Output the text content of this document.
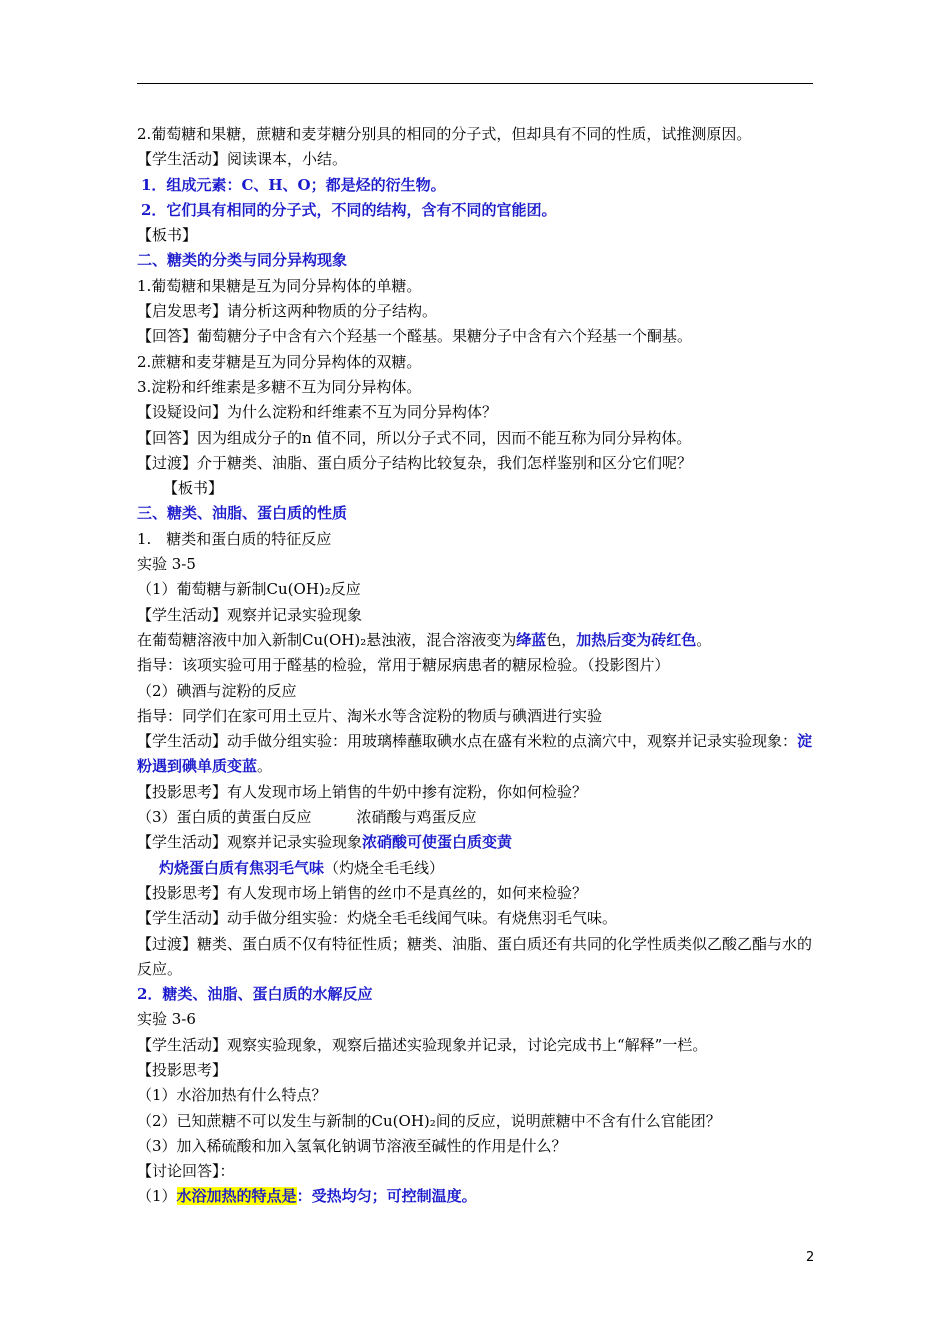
2.葡萄糖和果糖，蔗糖和麦芽糖分别具的相同的分子式，但却具有不同的性质，试推测原因。
【学生活动】阅读课本，小结。
1．组成元素：C、H、O；都是烃的衍生物。
2．它们具有相同的分子式，不同的结构，含有不同的官能团。
【板书】
二、糖类的分类与同分异构现象
1.葡萄糖和果糖是互为同分异构体的单糖。
【启发思考】请分析这两种物质的分子结构。
【回答】葡萄糖分子中含有六个羟基一个醛基。果糖分子中含有六个羟基一个酮基。
2.蔗糖和麦芽糖是互为同分异构体的双糖。
3.淀粉和纤维素是多糖不互为同分异构体。
【设疑设问】为什么淀粉和纤维素不互为同分异构体？
【回答】因为组成分子的n 值不同，所以分子式不同，因而不能互称为同分异构体。
【过渡】介于糖类、油脂、蛋白质分子结构比较复杂，我们怎样鉴别和区分它们呢？
【板书】
三、糖类、油脂、蛋白质的性质
1.　糖类和蛋白质的特征反应
实验 3-5
（1）葡萄糖与新制Cu(OH)₂反应
【学生活动】观察并记录实验现象
在葡萄糖溶液中加入新制Cu(OH)₂悬浊液，混合溶液变为绛蓝色，加热后变为砖红色。
指导：该项实验可用于醛基的检验，常用于糖尿病患者的糖尿检验。（投影图片）
（2）碘酒与淀粉的反应
指导：同学们在家可用土豆片、淘米水等含淀粉的物质与碘酒进行实验
【学生活动】动手做分组实验：用玻璃棒蘸取碘水点在盛有米粒的点滴穴中，观察并记录实验现象：淀粉遇到碘单质变蓝。
【投影思考】有人发现市场上销售的牛奶中掺有淀粉，你如何检验？
（3）蛋白质的黄蛋白反应　　　浓硝酸与鸡蛋反应
【学生活动】观察并记录实验现象浓硝酸可使蛋白质变黄
灼烧蛋白质有焦羽毛气味（灼烧全毛毛线）
【投影思考】有人发现市场上销售的丝巾不是真丝的，如何来检验？
【学生活动】动手做分组实验：灼烧全毛毛线闻气味。有烧焦羽毛气味。
【过渡】糖类、蛋白质不仅有特征性质；糖类、油脂、蛋白质还有共同的化学性质类似乙酸乙酯与水的反应。
2．糖类、油脂、蛋白质的水解反应
实验 3-6
【学生活动】观察实验现象，观察后描述实验现象并记录，讨论完成书上“解释”一栏。
【投影思考】
（1）水浴加热有什么特点？
（2）已知蔗糖不可以发生与新制的Cu(OH)₂间的反应，说明蔗糖中不含有什么官能团？
（3）加入稀硫酸和加入氢氧化钠调节溶液至碱性的作用是什么？
【讨论回答】：
（1）水浴加热的特点是：受热均匀；可控制温度。
2
